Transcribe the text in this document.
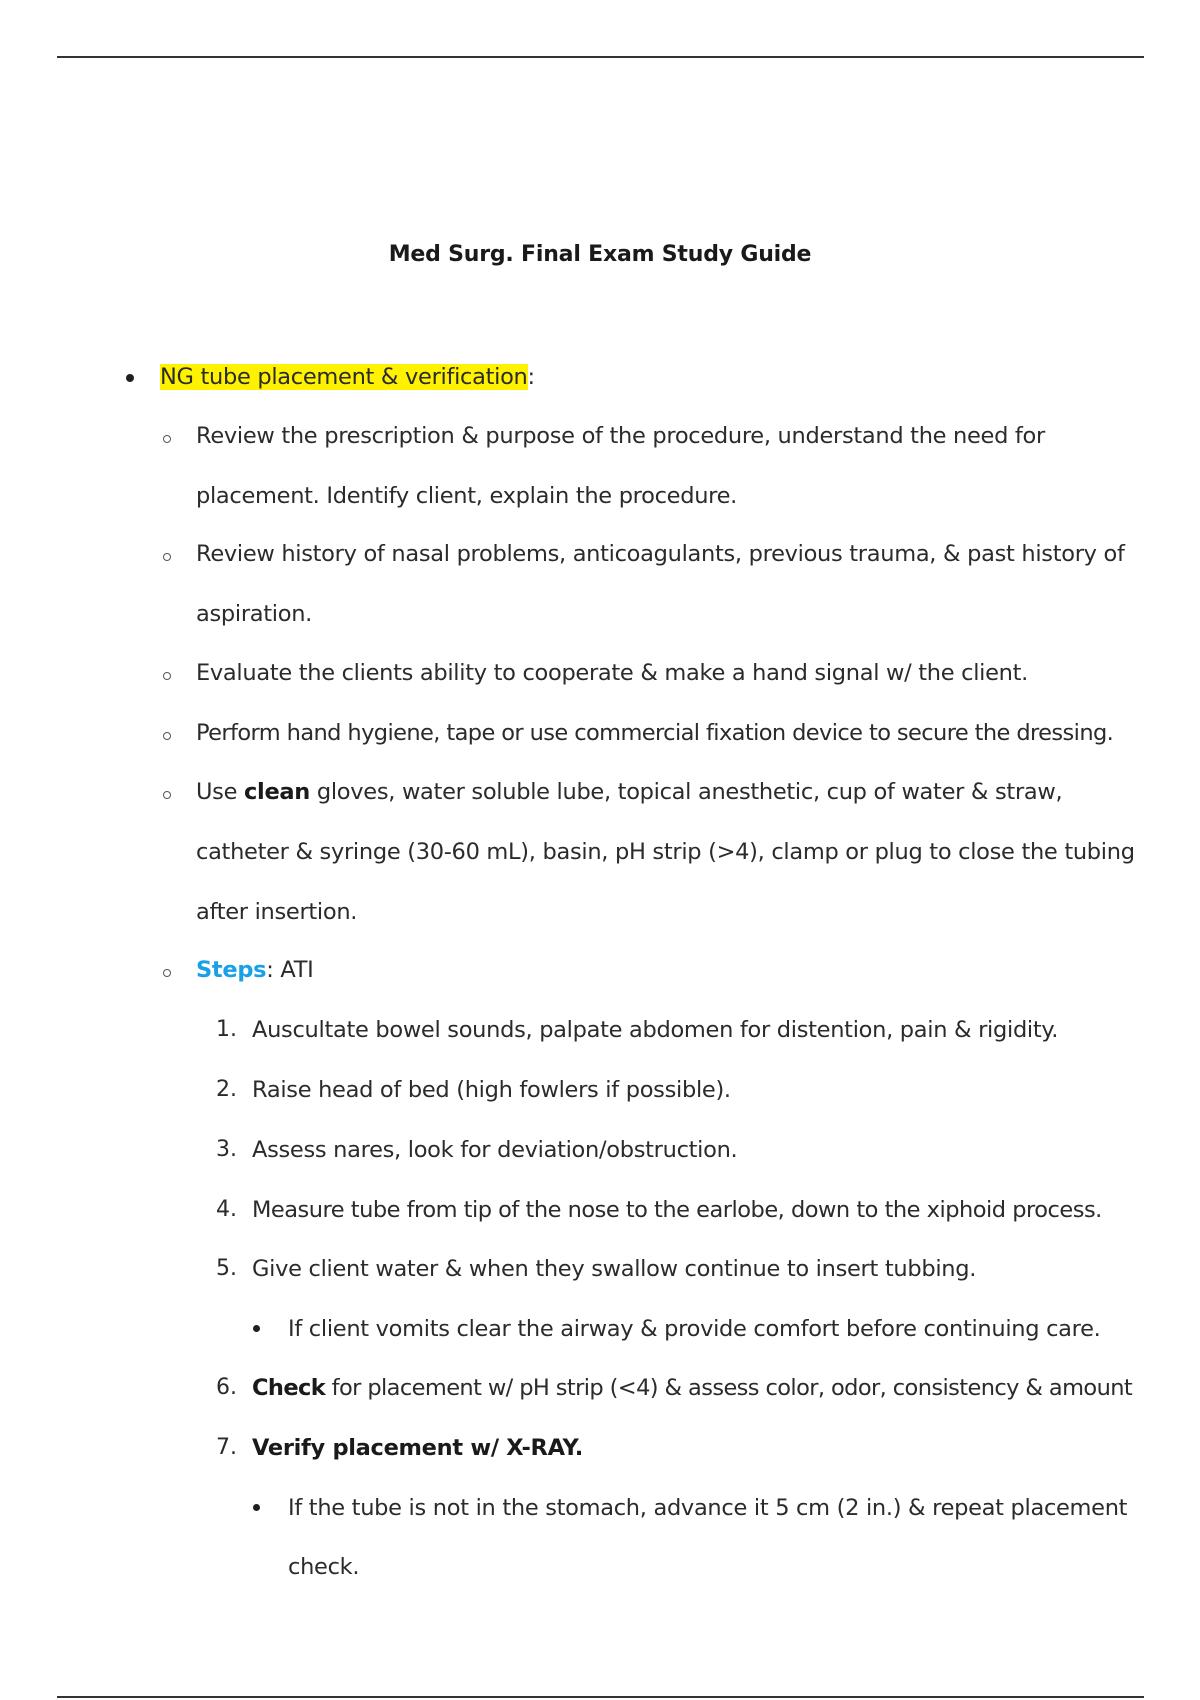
Med Surg. Final Exam Study Guide
NG tube placement & verification:
Review the prescription & purpose of the procedure, understand the need for
placement. Identify client, explain the procedure.
Review history of nasal problems, anticoagulants, previous trauma, & past history of
aspiration.
Evaluate the clients ability to cooperate & make a hand signal w/ the client.
Perform hand hygiene, tape or use commercial fixation device to secure the dressing.
Use clean gloves, water soluble lube, topical anesthetic, cup of water & straw,
catheter & syringe (30-60 mL), basin, pH strip (>4), clamp or plug to close the tubing
after insertion.
Steps: ATI
1. Auscultate bowel sounds, palpate abdomen for distention, pain & rigidity.
2. Raise head of bed (high fowlers if possible).
3. Assess nares, look for deviation/obstruction.
4. Measure tube from tip of the nose to the earlobe, down to the xiphoid process.
5. Give client water & when they swallow continue to insert tubbing.
If client vomits clear the airway & provide comfort before continuing care.
6. Check for placement w/ pH strip (<4) & assess color, odor, consistency & amount
7. Verify placement w/ X-RAY.
If the tube is not in the stomach, advance it 5 cm (2 in.) & repeat placement
check.
